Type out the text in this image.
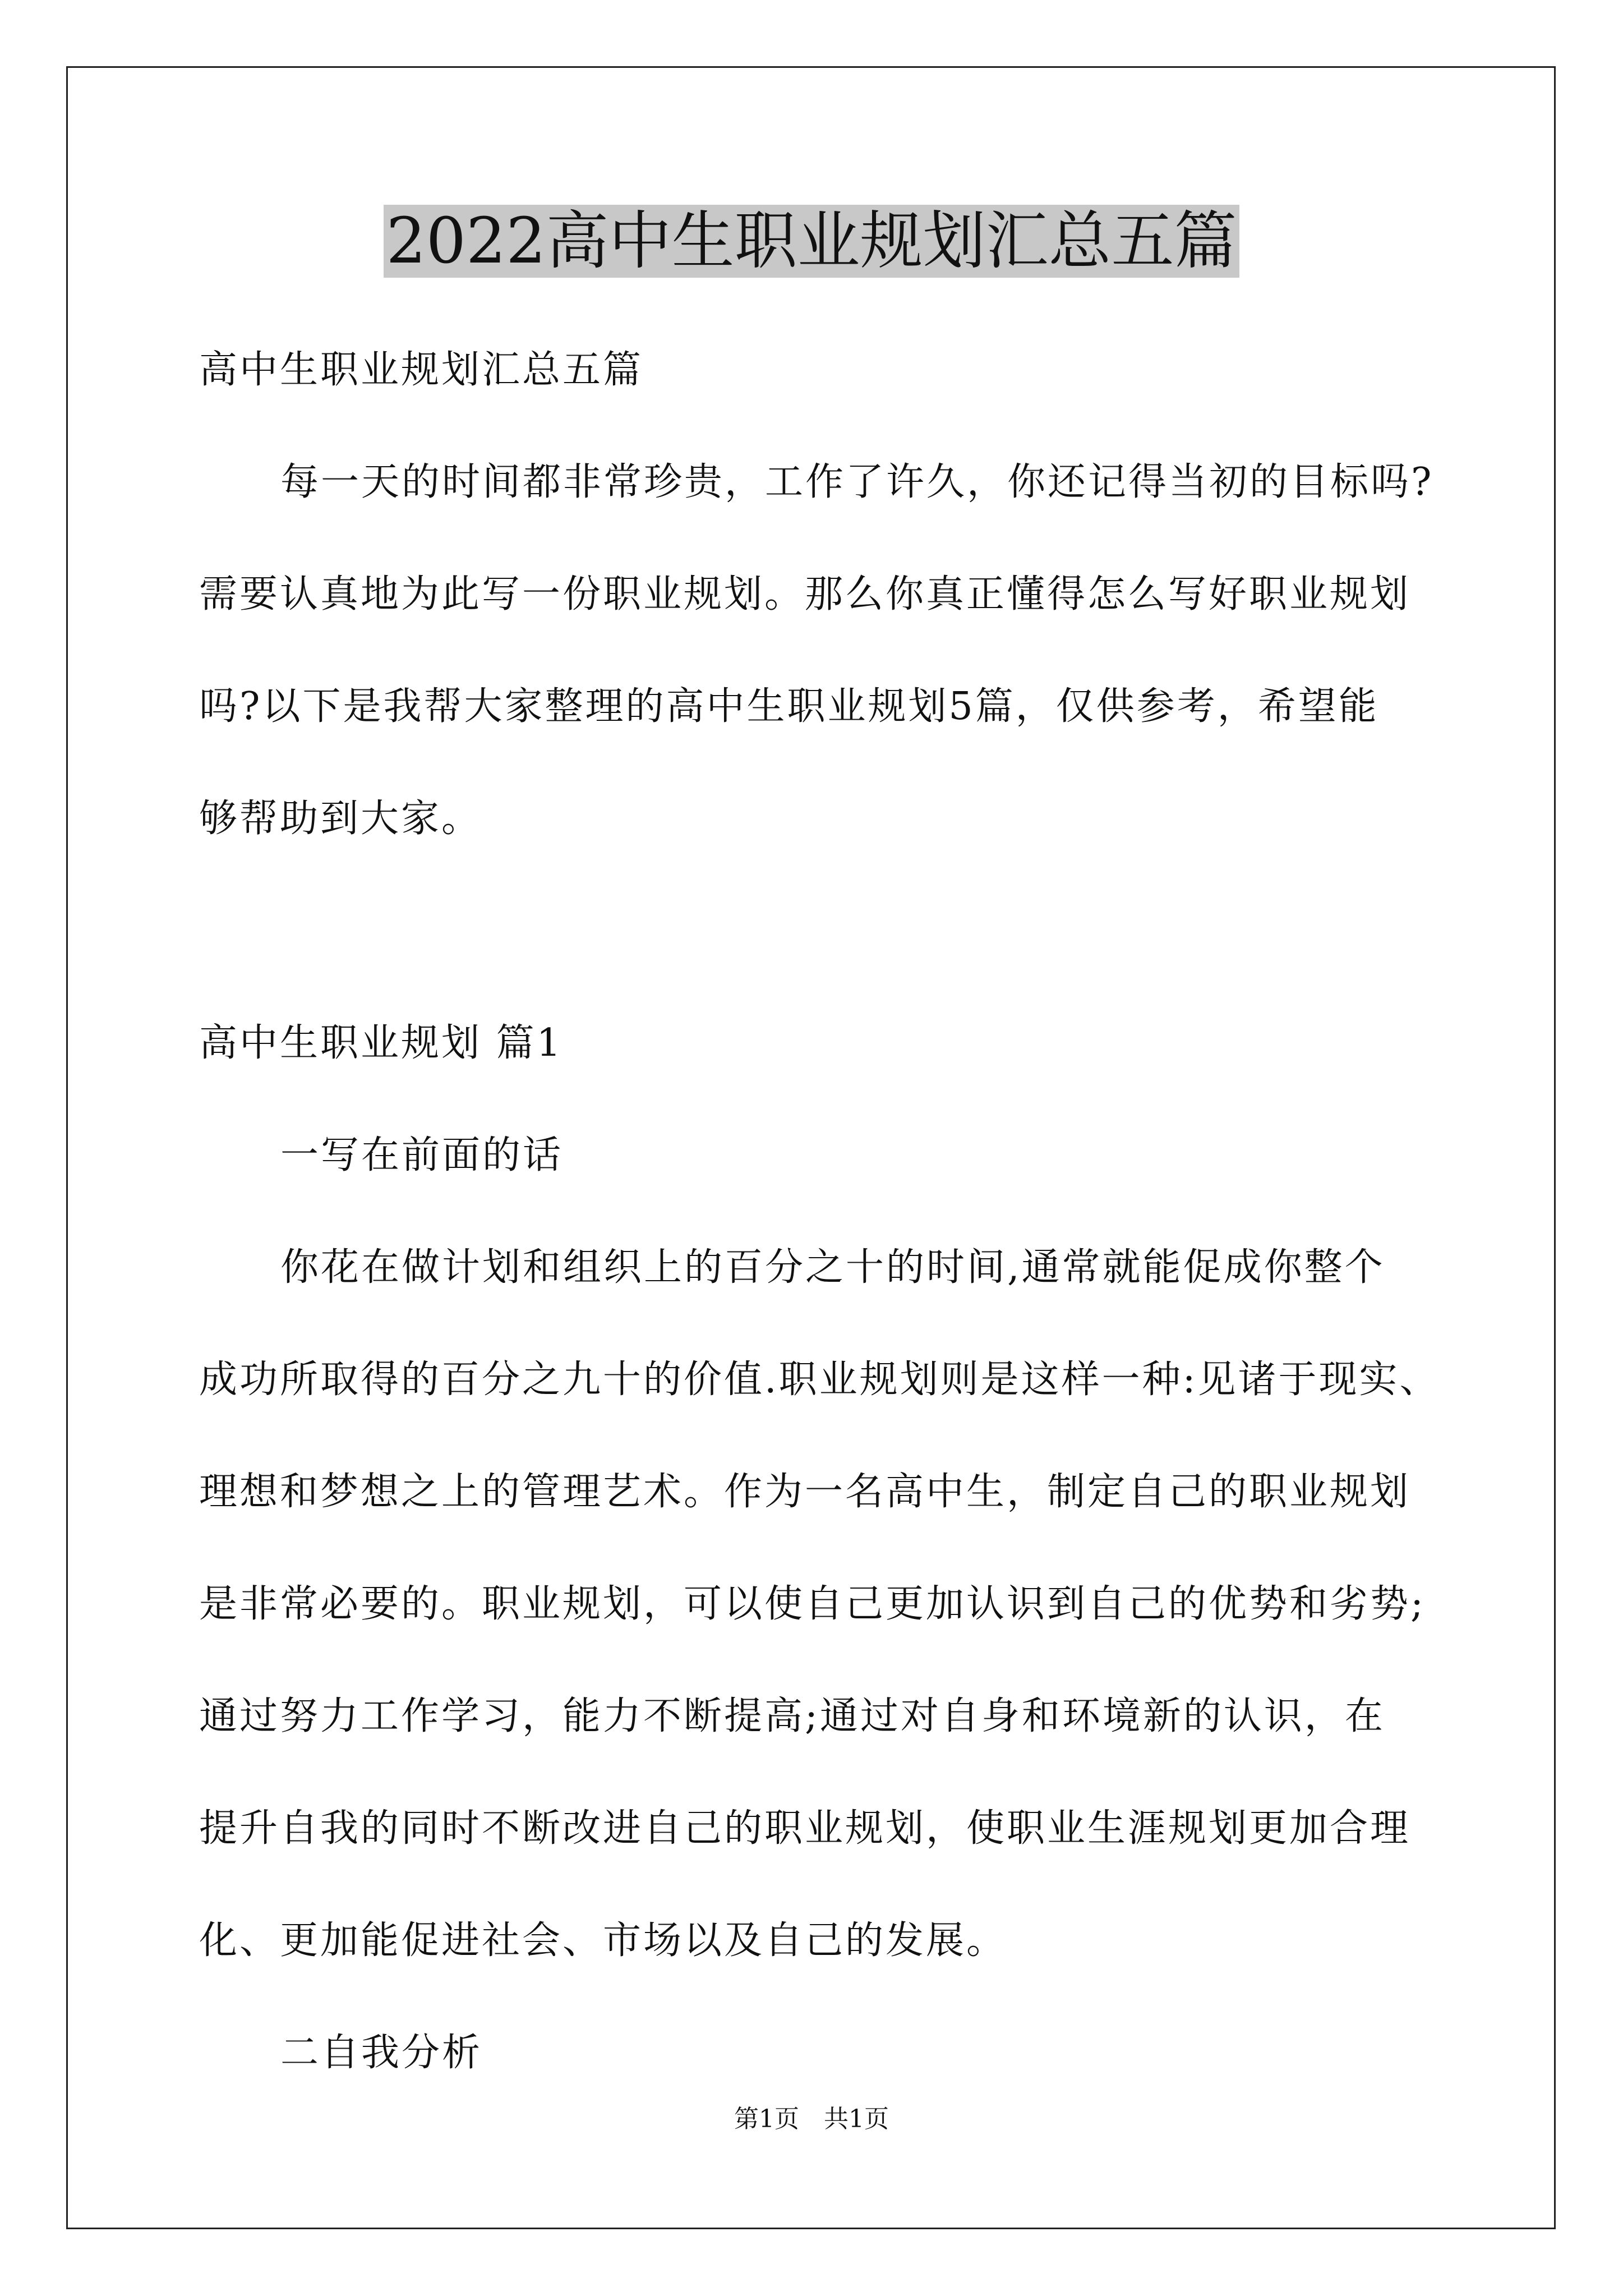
2022高中生职业规划汇总五篇

高中生职业规划汇总五篇

每一天的时间都非常珍贵，工作了许久，你还记得当初的目标吗?

需要认真地为此写一份职业规划。那么你真正懂得怎么写好职业规划

吗?以下是我帮大家整理的高中生职业规划5篇，仅供参考，希望能

够帮助到大家。

高中生职业规划 篇1

一写在前面的话

你花在做计划和组织上的百分之十的时间,通常就能促成你整个

成功所取得的百分之九十的价值.职业规划则是这样一种:见诸于现实、

理想和梦想之上的管理艺术。作为一名高中生，制定自己的职业规划

是非常必要的。职业规划，可以使自己更加认识到自己的优势和劣势;

通过努力工作学习，能力不断提高;通过对自身和环境新的认识，在

提升自我的同时不断改进自己的职业规划，使职业生涯规划更加合理

化、更加能促进社会、市场以及自己的发展。

二自我分析

第1页 共1页
